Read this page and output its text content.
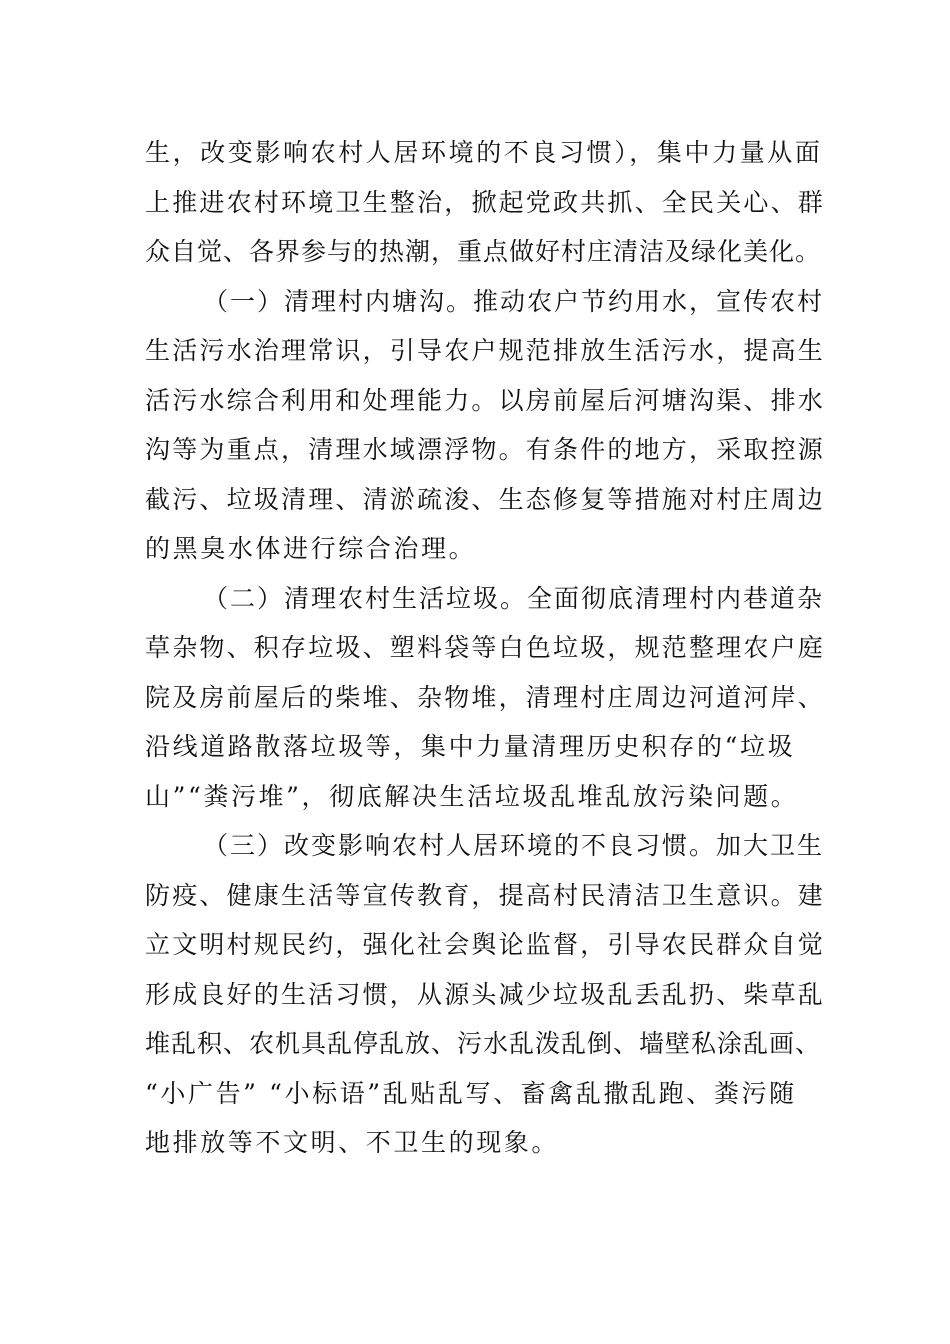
生，改变影响农村人居环境的不良习惯），集中力量从面
上推进农村环境卫生整治，掀起党政共抓、全民关心、群
众自觉、各界参与的热潮，重点做好村庄清洁及绿化美化。
（一）清理村内塘沟。推动农户节约用水，宣传农村
生活污水治理常识，引导农户规范排放生活污水，提高生
活污水综合利用和处理能力。以房前屋后河塘沟渠、排水
沟等为重点，清理水域漂浮物。有条件的地方，采取控源
截污、垃圾清理、清淤疏浚、生态修复等措施对村庄周边
的黑臭水体进行综合治理。
（二）清理农村生活垃圾。全面彻底清理村内巷道杂
草杂物、积存垃圾、塑料袋等白色垃圾，规范整理农户庭
院及房前屋后的柴堆、杂物堆，清理村庄周边河道河岸、
沿线道路散落垃圾等，集中力量清理历史积存的“垃圾
山”“粪污堆”，彻底解决生活垃圾乱堆乱放污染问题。
（三）改变影响农村人居环境的不良习惯。加大卫生
防疫、健康生活等宣传教育，提高村民清洁卫生意识。建
立文明村规民约，强化社会舆论监督，引导农民群众自觉
形成良好的生活习惯，从源头减少垃圾乱丢乱扔、柴草乱
堆乱积、农机具乱停乱放、污水乱泼乱倒、墙壁私涂乱画、
“小广告” “小标语”乱贴乱写、畜禽乱撒乱跑、粪污随
地排放等不文明、不卫生的现象。
